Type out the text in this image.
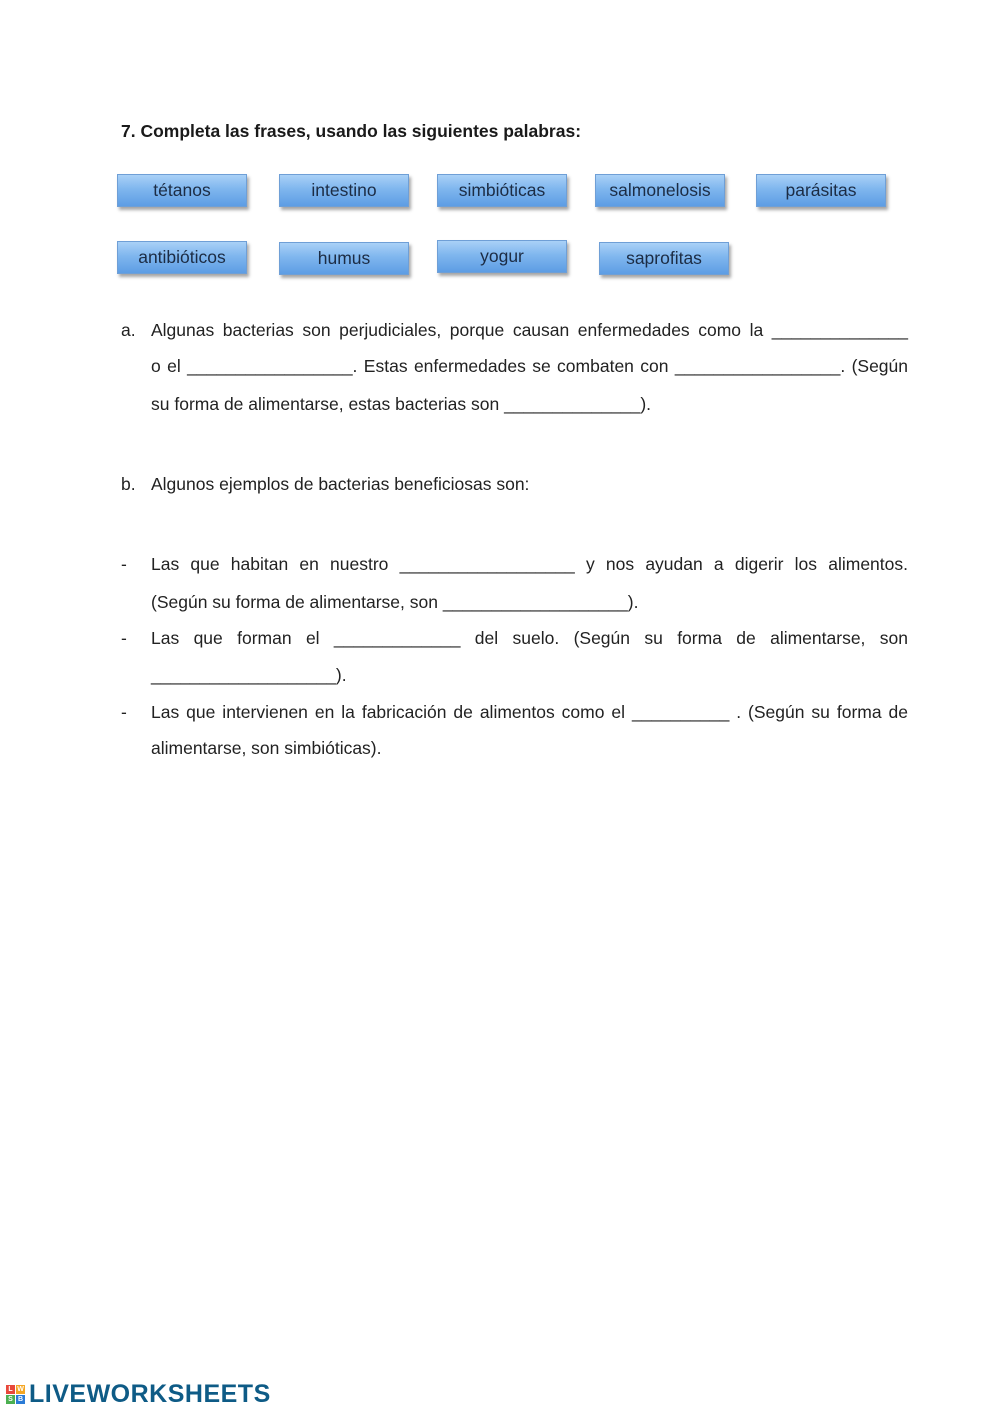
7. Completa las frases, usando las siguientes palabras:
tétanos	intestino	simbióticas	salmonelosis	parásitas
antibióticos	humus	yogur	saprofitas
a. Algunas bacterias son perjudiciales, porque causan enfermedades como la ______________
o el _________________. Estas enfermedades se combaten con _________________. (Según
su forma de alimentarse, estas bacterias son ______________).
b. Algunos ejemplos de bacterias beneficiosas son:
- Las que habitan en nuestro __________________ y nos ayudan a digerir los alimentos.
(Según su forma de alimentarse, son ___________________).
- Las que forman el _____________ del suelo. (Según su forma de alimentarse, son
___________________).
- Las que intervienen en la fabricación de alimentos como el __________ . (Según su forma de
alimentarse, son simbióticas).
L W
S B LIVEWORKSHEETS
